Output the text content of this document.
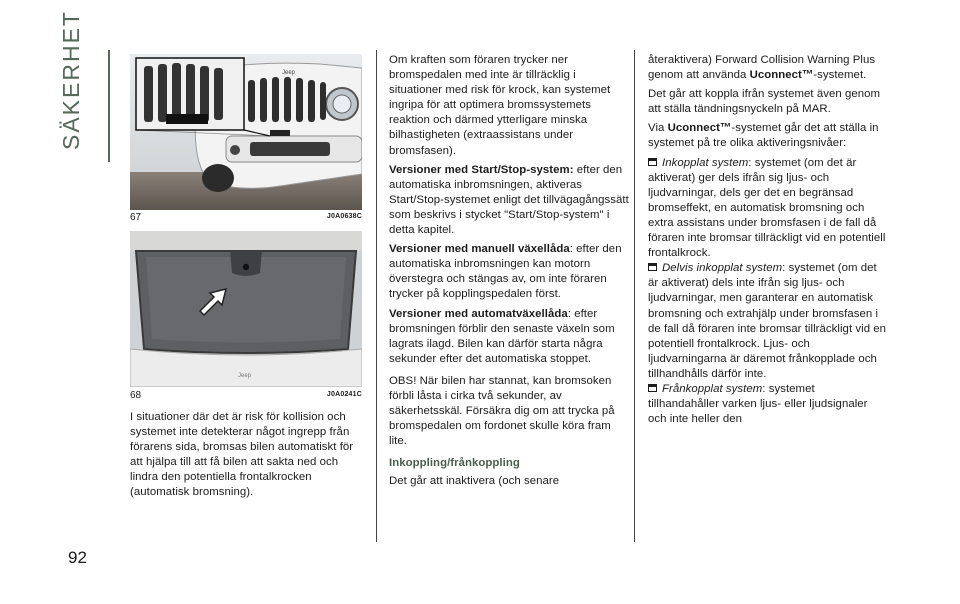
SÄKERHET
92
Jeep
67	J0A0638C
Jeep
68	J0A0241C

I situationer där det är risk för kollision och systemet inte detekterar något ingrepp från förarens sida, bromsas bilen automatiskt för att hjälpa till att få bilen att sakta ned och lindra den potentiella frontalkrocken (automatisk bromsning).

Om kraften som föraren trycker ner bromspedalen med inte är tillräcklig i situationer med risk för krock, kan systemet ingripa för att optimera bromssystemets reaktion och därmed ytterligare minska bilhastigheten (extraassistans under bromsfasen).

Versioner med Start/Stop-system: efter den automatiska inbromsningen, aktiveras Start/Stop-systemet enligt det tillvägagångssätt som beskrivs i stycket "Start/Stop-system" i detta kapitel.

Versioner med manuell växellåda: efter den automatiska inbromsningen kan motorn överstegra och stängas av, om inte föraren trycker på kopplingspedalen först.

Versioner med automatväxellåda: efter bromsningen förblir den senaste växeln som lagrats ilagd. Bilen kan därför starta några sekunder efter det automatiska stoppet.

OBS! När bilen har stannat, kan bromsoken förbli låsta i cirka två sekunder, av säkerhetsskäl. Försäkra dig om att trycka på bromspedalen om fordonet skulle köra fram lite.

Inkoppling/frånkoppling

Det går att inaktivera (och senare

återaktivera) Forward Collision Warning Plus genom att använda Uconnect™-systemet.

Det går att koppla ifrån systemet även genom att ställa tändningsnyckeln på MAR.

Via Uconnect™-systemet går det att ställa in systemet på tre olika aktiveringsnivåer:

Inkopplat system: systemet (om det är aktiverat) ger dels ifrån sig ljus- och ljudvarningar, dels ger det en begränsad bromseffekt, en automatisk bromsning och extra assistans under bromsfasen i de fall då föraren inte bromsar tillräckligt vid en potentiell frontalkrock.

Delvis inkopplat system: systemet (om det är aktiverat) dels inte ifrån sig ljus- och ljudvarningar, men garanterar en automatisk bromsning och extrahjälp under bromsfasen i de fall då föraren inte bromsar tillräckligt vid en potentiell frontalkrock. Ljus- och ljudvarningarna är däremot frånkopplade och tillhandhålls därför inte.

Frånkopplat system: systemet tillhandahåller varken ljus- eller ljudsignaler och inte heller den
